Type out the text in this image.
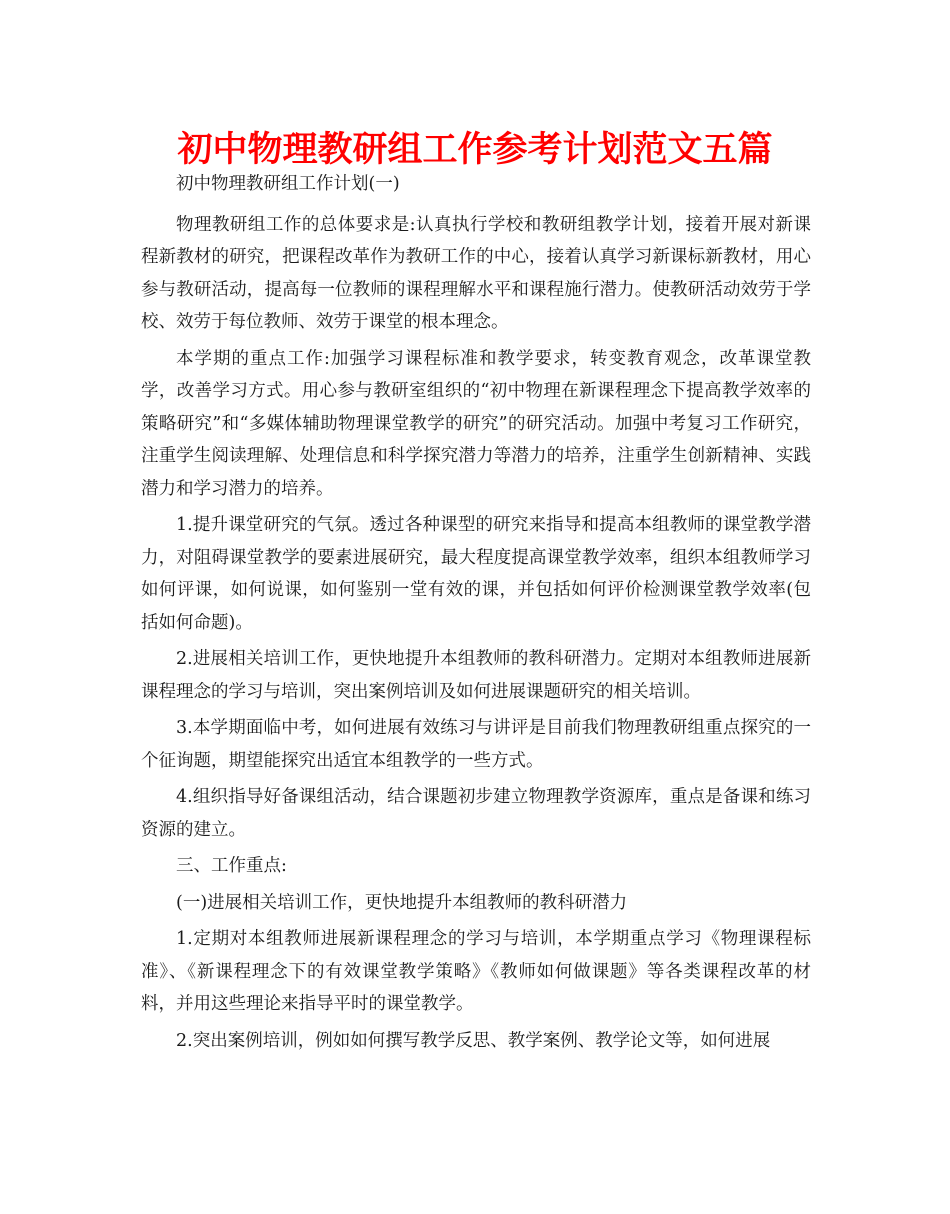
初中物理教研组工作参考计划范文五篇

初中物理教研组工作计划(一)

物理教研组工作的总体要求是:认真执行学校和教研组教学计划，接着开展对新课程新教材的研究，把课程改革作为教研工作的中心，接着认真学习新课标新教材，用心参与教研活动，提高每一位教师的课程理解水平和课程施行潜力。使教研活动效劳于学校、效劳于每位教师、效劳于课堂的根本理念。

本学期的重点工作:加强学习课程标准和教学要求，转变教育观念，改革课堂教学，改善学习方式。用心参与教研室组织的“初中物理在新课程理念下提高教学效率的策略研究”和“多媒体辅助物理课堂教学的研究”的研究活动。加强中考复习工作研究，注重学生阅读理解、处理信息和科学探究潜力等潜力的培养，注重学生创新精神、实践潜力和学习潜力的培养。

1.提升课堂研究的气氛。透过各种课型的研究来指导和提高本组教师的课堂教学潜力，对阻碍课堂教学的要素进展研究，最大程度提高课堂教学效率，组织本组教师学习如何评课，如何说课，如何鉴别一堂有效的课，并包括如何评价检测课堂教学效率(包括如何命题)。

2.进展相关培训工作，更快地提升本组教师的教科研潜力。定期对本组教师进展新课程理念的学习与培训，突出案例培训及如何进展课题研究的相关培训。

3.本学期面临中考，如何进展有效练习与讲评是目前我们物理教研组重点探究的一个征询题，期望能探究出适宜本组教学的一些方式。

4.组织指导好备课组活动，结合课题初步建立物理教学资源库，重点是备课和练习资源的建立。

三、工作重点:

(一)进展相关培训工作，更快地提升本组教师的教科研潜力

1.定期对本组教师进展新课程理念的学习与培训，本学期重点学习《物理课程标准》、《新课程理念下的有效课堂教学策略》《教师如何做课题》等各类课程改革的材料，并用这些理论来指导平时的课堂教学。

2.突出案例培训，例如如何撰写教学反思、教学案例、教学论文等，如何进展
